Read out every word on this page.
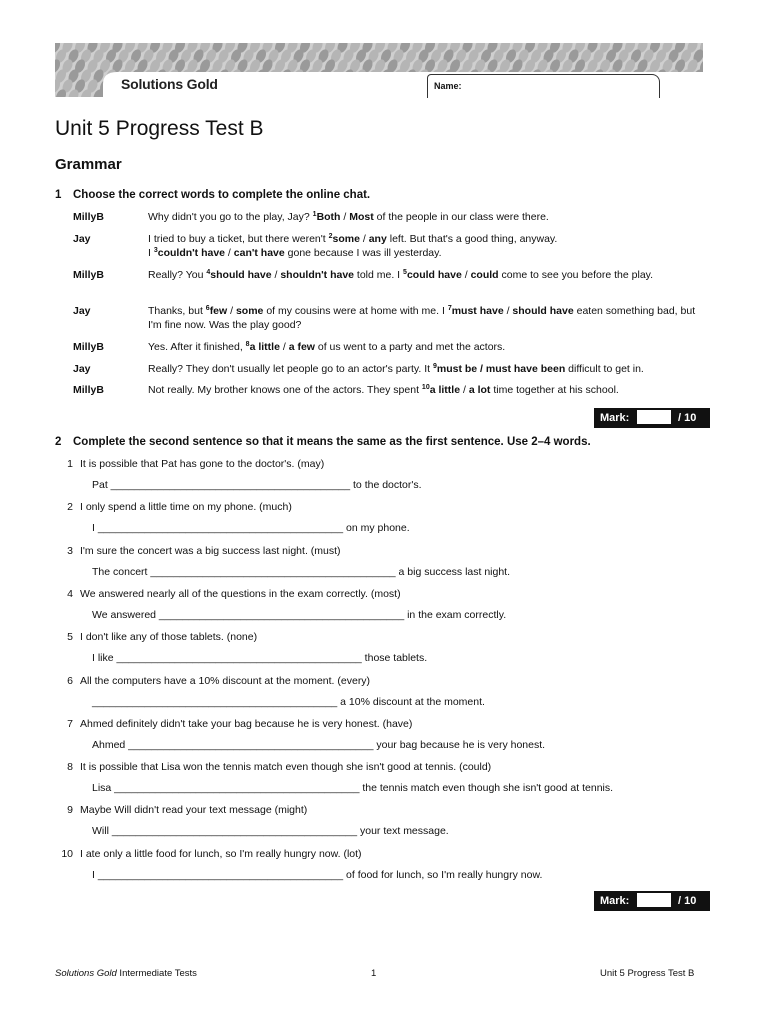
Solutions Gold	Name:
Unit 5 Progress Test B
Grammar
1 Choose the correct words to complete the online chat.
MillyB	Why didn't you go to the play, Jay? $^1$Both / Most of the people in our class were there.
Jay	I tried to buy a ticket, but there weren't $^2$some / any left. But that's a good thing, anyway.
I $^3$couldn't have / can't have gone because I was ill yesterday.
MillyB	Really? You $^4$should have / shouldn't have told me. I $^5$could have / could come to see you before the play.
Jay	Thanks, but $^6$few / some of my cousins were at home with me. I $^7$must have / should have eaten something bad, but I'm fine now. Was the play good?
MillyB	Yes. After it finished, $^8$a little / a few of us went to a party and met the actors.
Jay	Really? They don't usually let people go to an actor's party. It $^9$must be / must have been difficult to get in.
MillyB	Not really. My brother knows one of the actors. They spent $^{10}$a little / a lot time together at his school.
Mark:	/ 10
2 Complete the second sentence so that it means the same as the first sentence. Use 2–4 words.
1 It is possible that Pat has gone to the doctor's. (may)
Pat _________________________________________ to the doctor's.
2 I only spend a little time on my phone. (much)
I __________________________________________ on my phone.
3 I'm sure the concert was a big success last night. (must)
The concert __________________________________________ a big success last night.
4 We answered nearly all of the questions in the exam correctly. (most)
We answered __________________________________________ in the exam correctly.
5 I don't like any of those tablets. (none)
I like __________________________________________ those tablets.
6 All the computers have a 10% discount at the moment. (every)
__________________________________________ a 10% discount at the moment.
7 Ahmed definitely didn't take your bag because he is very honest. (have)
Ahmed __________________________________________ your bag because he is very honest.
8 It is possible that Lisa won the tennis match even though she isn't good at tennis. (could)
Lisa __________________________________________ the tennis match even though she isn't good at tennis.
9 Maybe Will didn't read your text message (might)
Will __________________________________________ your text message.
10 I ate only a little food for lunch, so I'm really hungry now. (lot)
I __________________________________________ of food for lunch, so I'm really hungry now.
Mark:	/ 10
Solutions Gold Intermediate Tests	1	Unit 5 Progress Test B
